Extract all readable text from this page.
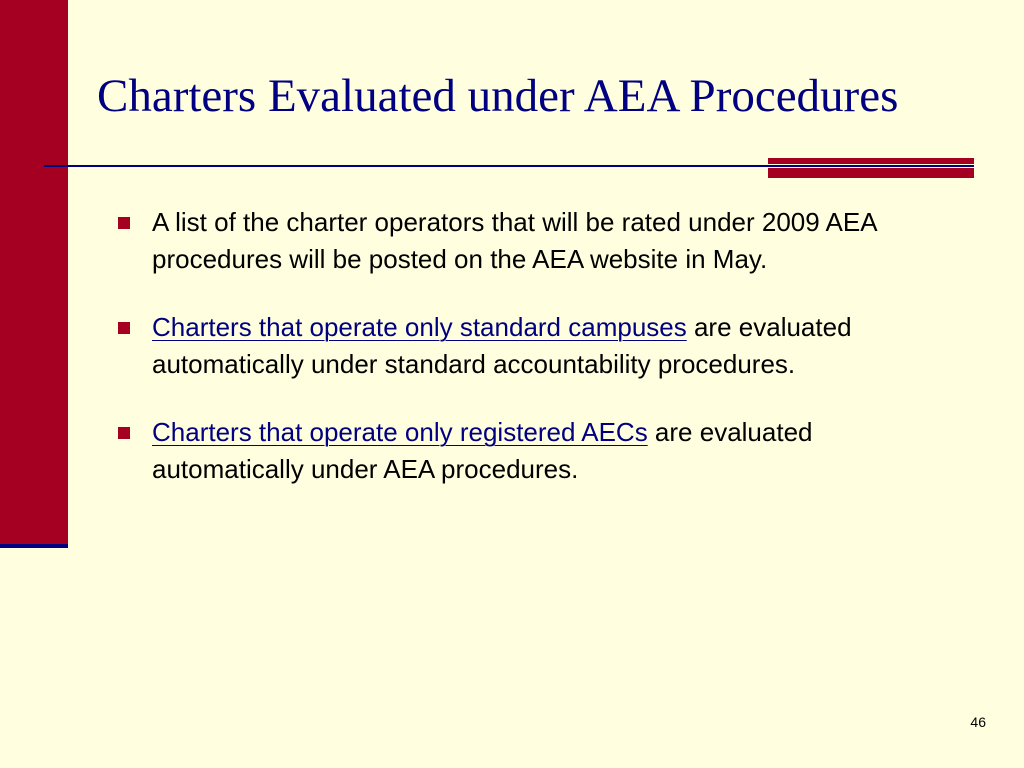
Charters Evaluated under AEA Procedures
A list of the charter operators that will be rated under 2009 AEA procedures will be posted on the AEA website in May.
Charters that operate only standard campuses are evaluated automatically under standard accountability procedures.
Charters that operate only registered AECs are evaluated automatically under AEA procedures.
46
